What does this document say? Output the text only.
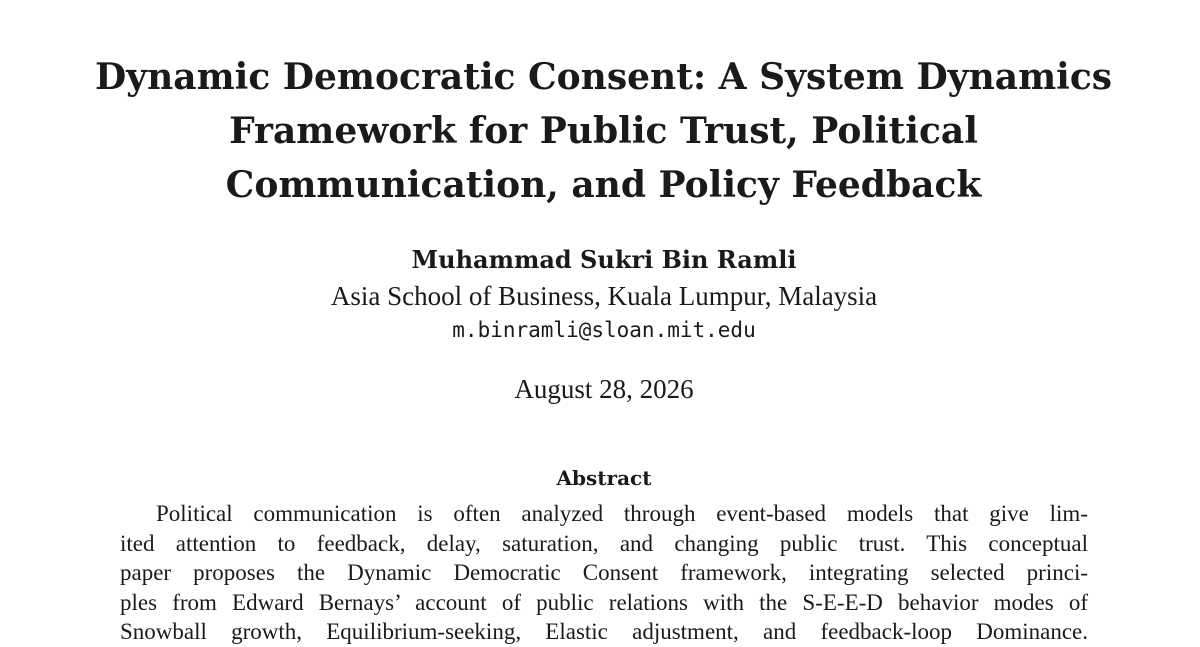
Dynamic Democratic Consent: A System Dynamics
Framework for Public Trust, Political
Communication, and Policy Feedback
Muhammad Sukri Bin Ramli
Asia School of Business, Kuala Lumpur, Malaysia
m.binramli@sloan.mit.edu
August 28, 2026
Abstract
Political communication is often analyzed through event-based models that give lim-
ited attention to feedback, delay, saturation, and changing public trust. This conceptual
paper proposes the Dynamic Democratic Consent framework, integrating selected princi-
ples from Edward Bernays’ account of public relations with the S-E-E-D behavior modes of
Snowball growth, Equilibrium-seeking, Elastic adjustment, and feedback-loop Dominance.
